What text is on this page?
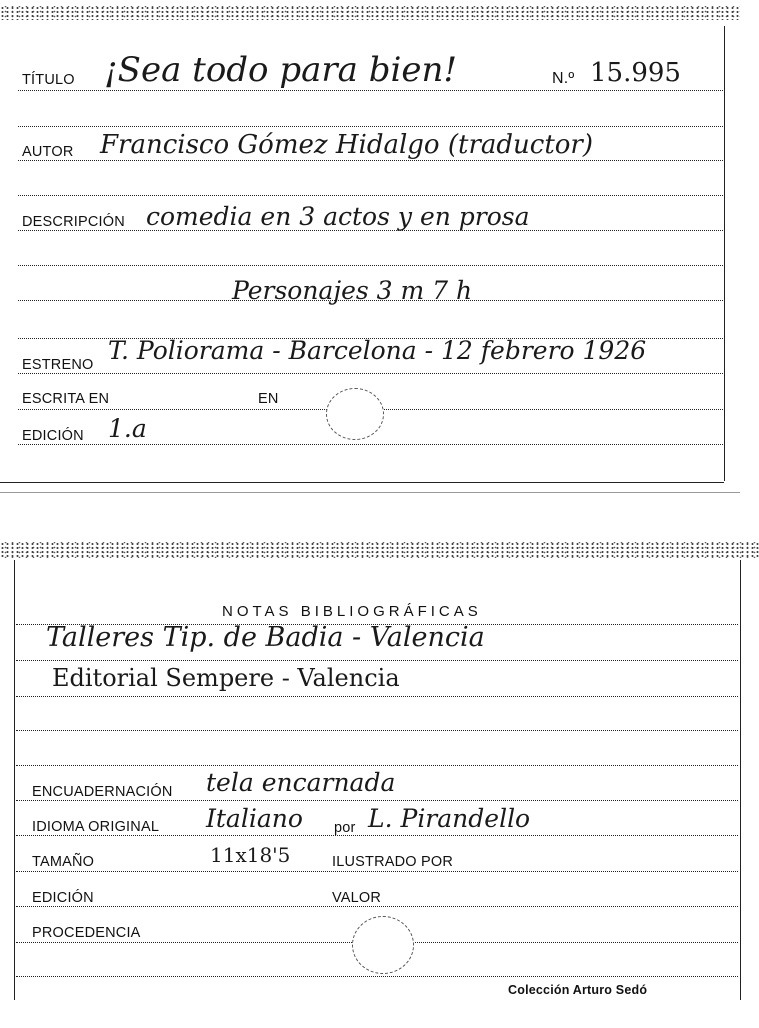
TÍTULO ¡Sea todo para bien!	N.º 15.995
AUTOR Francisco Gómez Hidalgo (traductor)
DESCRIPCIÓN comedia en 3 actos y en prosa
Personajes 3 m 7 h
ESTRENO T. Poliorama - Barcelona - 12 febrero 1926
ESCRITA EN	EN
EDICIÓN 1.a
NOTAS BIBLIOGRÁFICAS
Talleres Tip. de Badia - Valencia
Editorial Sempere - Valencia
ENCUADERNACIÓN tela encarnada
IDIOMA ORIGINAL Italiano por L. Pirandello
TAMAÑO	11x18'5	ILUSTRADO POR
EDICIÓN	VALOR
PROCEDENCIA
Colección Arturo Sedó
